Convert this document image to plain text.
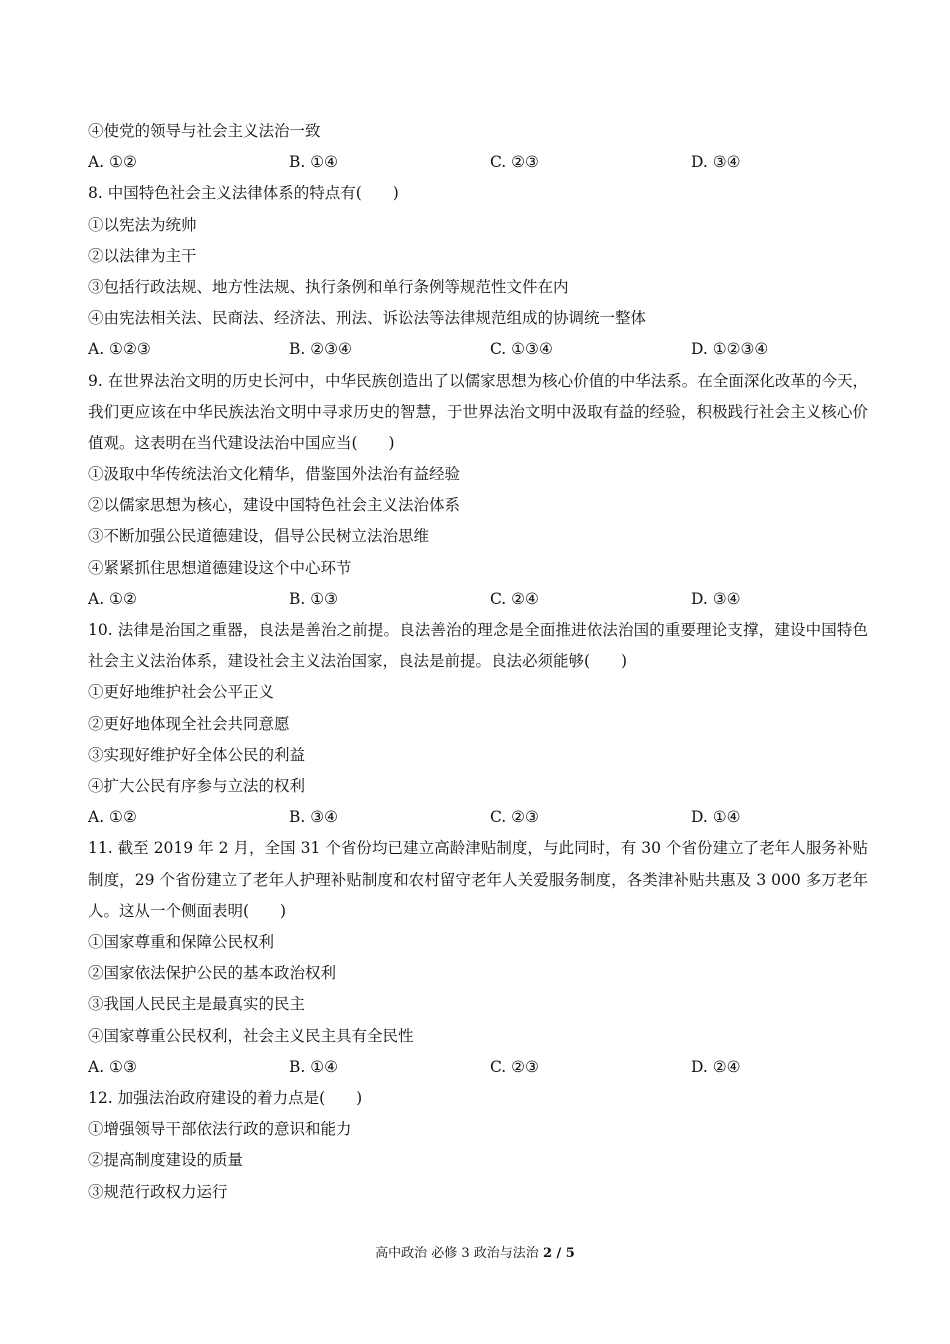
④使党的领导与社会主义法治一致
A. ①②	B. ①④	C. ②③	D. ③④
8. 中国特色社会主义法律体系的特点有(　　)
①以宪法为统帅
②以法律为主干
③包括行政法规、地方性法规、执行条例和单行条例等规范性文件在内
④由宪法相关法、民商法、经济法、刑法、诉讼法等法律规范组成的协调统一整体
A. ①②③	B. ②③④	C. ①③④	D. ①②③④
9. 在世界法治文明的历史长河中，中华民族创造出了以儒家思想为核心价值的中华法系。在全面深化改革的今天，我们更应该在中华民族法治文明中寻求历史的智慧，于世界法治文明中汲取有益的经验，积极践行社会主义核心价值观。这表明在当代建设法治中国应当(　　)
①汲取中华传统法治文化精华，借鉴国外法治有益经验
②以儒家思想为核心，建设中国特色社会主义法治体系
③不断加强公民道德建设，倡导公民树立法治思维
④紧紧抓住思想道德建设这个中心环节
A. ①②	B. ①③	C. ②④	D. ③④
10. 法律是治国之重器，良法是善治之前提。良法善治的理念是全面推进依法治国的重要理论支撑，建设中国特色社会主义法治体系，建设社会主义法治国家，良法是前提。良法必须能够(　　)
①更好地维护社会公平正义
②更好地体现全社会共同意愿
③实现好维护好全体公民的利益
④扩大公民有序参与立法的权利
A. ①②	B. ③④	C. ②③	D. ①④
11. 截至 2019 年 2 月，全国 31 个省份均已建立高龄津贴制度，与此同时，有 30 个省份建立了老年人服务补贴制度，29 个省份建立了老年人护理补贴制度和农村留守老年人关爱服务制度，各类津补贴共惠及 3 000 多万老年人。这从一个侧面表明(　　)
①国家尊重和保障公民权利
②国家依法保护公民的基本政治权利
③我国人民民主是最真实的民主
④国家尊重公民权利，社会主义民主具有全民性
A. ①③	B. ①④	C. ②③	D. ②④
12. 加强法治政府建设的着力点是(　　)
①增强领导干部依法行政的意识和能力
②提高制度建设的质量
③规范行政权力运行
高中政治 必修 3 政治与法治 2 / 5
